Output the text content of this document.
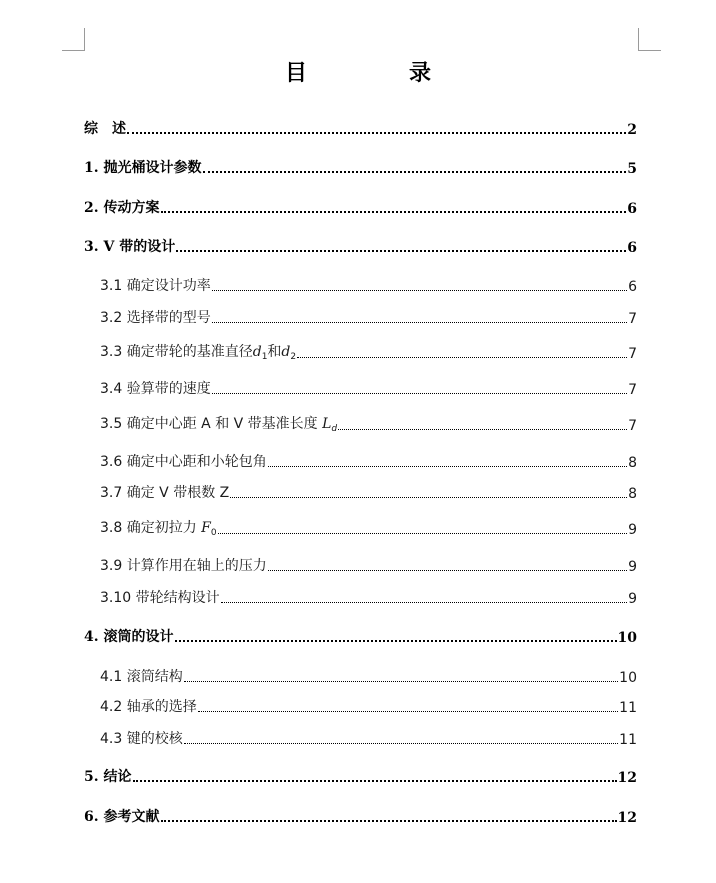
目　录
综　述	2
1. 抛光桶设计参数	5
2. 传动方案	6
3. V 带的设计	6
3.1 确定设计功率	6
3.2 选择带的型号	7
3.3 确定带轮的基准直径$d_1$和$d_2$	7
3.4 验算带的速度	7
3.5 确定中心距 A 和 V 带基准长度 $L_d$	7
3.6 确定中心距和小轮包角	8
3.7 确定 V 带根数 Z	8
3.8 确定初拉力 $F_0$	9
3.9 计算作用在轴上的压力	9
3.10 带轮结构设计	9
4. 滚筒的设计	10
4.1 滚筒结构	10
4.2 轴承的选择	11
4.3 键的校核	11
5. 结论	12
6. 参考文献	12
